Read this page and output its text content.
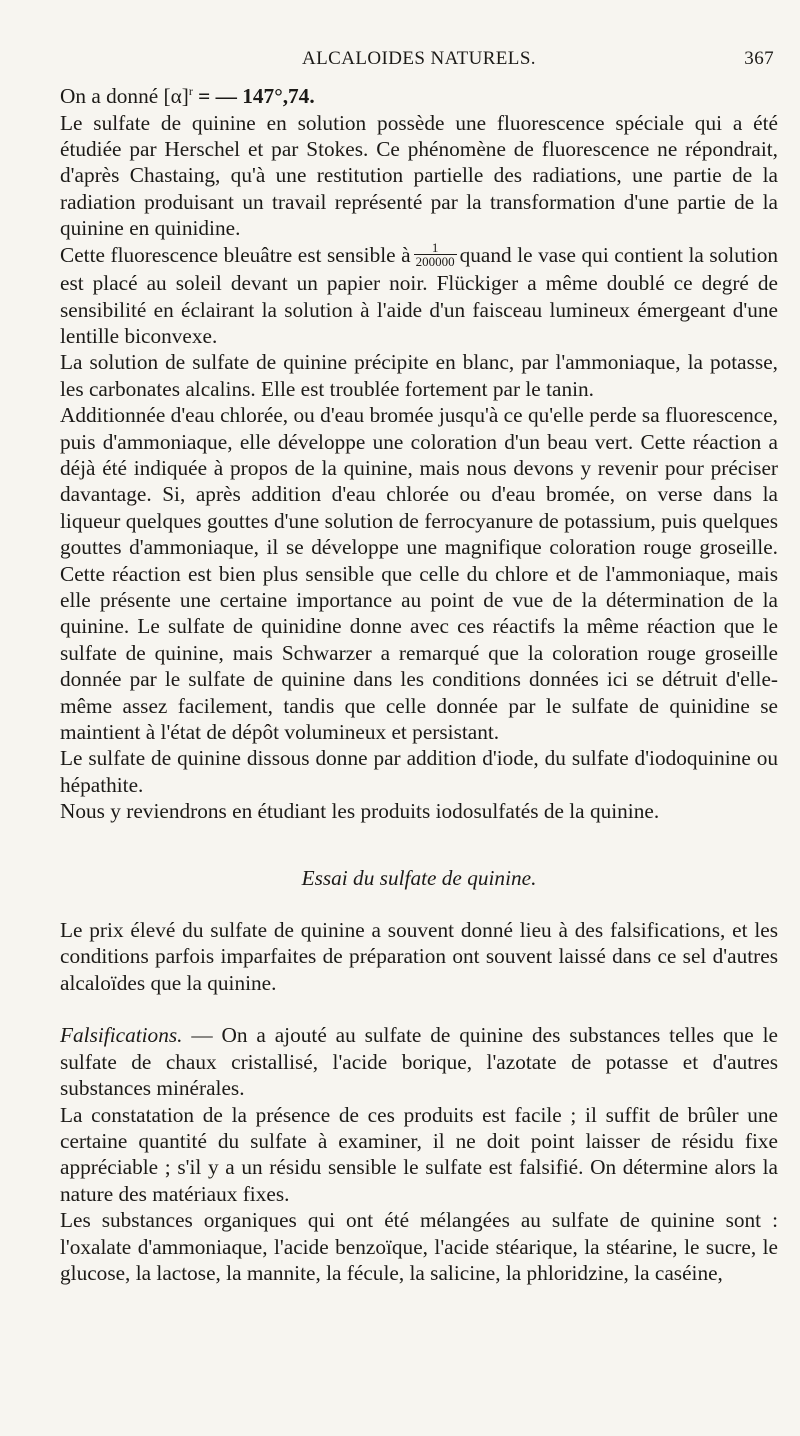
ALCALOIDES NATURELS.	367

On a donné $[\alpha]^r$ = — 147°,74.

Le sulfate de quinine en solution possède une fluorescence spéciale qui a été étudiée par Herschel et par Stokes. Ce phénomène de fluorescence ne répondrait, d'après Chastaing, qu'à une restitution partielle des radiations, une partie de la radiation produisant un travail représenté par la transformation d'une partie de la quinine en quinidine.

Cette fluorescence bleuâtre est sensible à $\frac{1}{200000}$ quand le vase qui contient la solution est placé au soleil devant un papier noir. Flückiger a même doublé ce degré de sensibilité en éclairant la solution à l'aide d'un faisceau lumineux émergeant d'une lentille biconvexe.

La solution de sulfate de quinine précipite en blanc, par l'ammoniaque, la potasse, les carbonates alcalins. Elle est troublée fortement par le tanin.

Additionnée d'eau chlorée, ou d'eau bromée jusqu'à ce qu'elle perde sa fluorescence, puis d'ammoniaque, elle développe une coloration d'un beau vert. Cette réaction a déjà été indiquée à propos de la quinine, mais nous devons y revenir pour préciser davantage. Si, après addition d'eau chlorée ou d'eau bromée, on verse dans la liqueur quelques gouttes d'une solution de ferrocyanure de potassium, puis quelques gouttes d'ammoniaque, il se développe une magnifique coloration rouge groseille. Cette réaction est bien plus sensible que celle du chlore et de l'ammoniaque, mais elle présente une certaine importance au point de vue de la détermination de la quinine. Le sulfate de quinidine donne avec ces réactifs la même réaction que le sulfate de quinine, mais Schwarzer a remarqué que la coloration rouge groseille donnée par le sulfate de quinine dans les conditions données ici se détruit d'elle-même assez facilement, tandis que celle donnée par le sulfate de quinidine se maintient à l'état de dépôt volumineux et persistant.

Le sulfate de quinine dissous donne par addition d'iode, du sulfate d'iodoquinine ou hépathite.

Nous y reviendrons en étudiant les produits iodosulfatés de la quinine.

Essai du sulfate de quinine.

Le prix élevé du sulfate de quinine a souvent donné lieu à des falsifications, et les conditions parfois imparfaites de préparation ont souvent laissé dans ce sel d'autres alcaloïdes que la quinine.

Falsifications. — On a ajouté au sulfate de quinine des substances telles que le sulfate de chaux cristallisé, l'acide borique, l'azotate de potasse et d'autres substances minérales.

La constatation de la présence de ces produits est facile ; il suffit de brûler une certaine quantité du sulfate à examiner, il ne doit point laisser de résidu fixe appréciable ; s'il y a un résidu sensible le sulfate est falsifié. On détermine alors la nature des matériaux fixes.

Les substances organiques qui ont été mélangées au sulfate de quinine sont : l'oxalate d'ammoniaque, l'acide benzoïque, l'acide stéarique, la stéarine, le sucre, le glucose, la lactose, la mannite, la fécule, la salicine, la phloridzine, la caséine,
